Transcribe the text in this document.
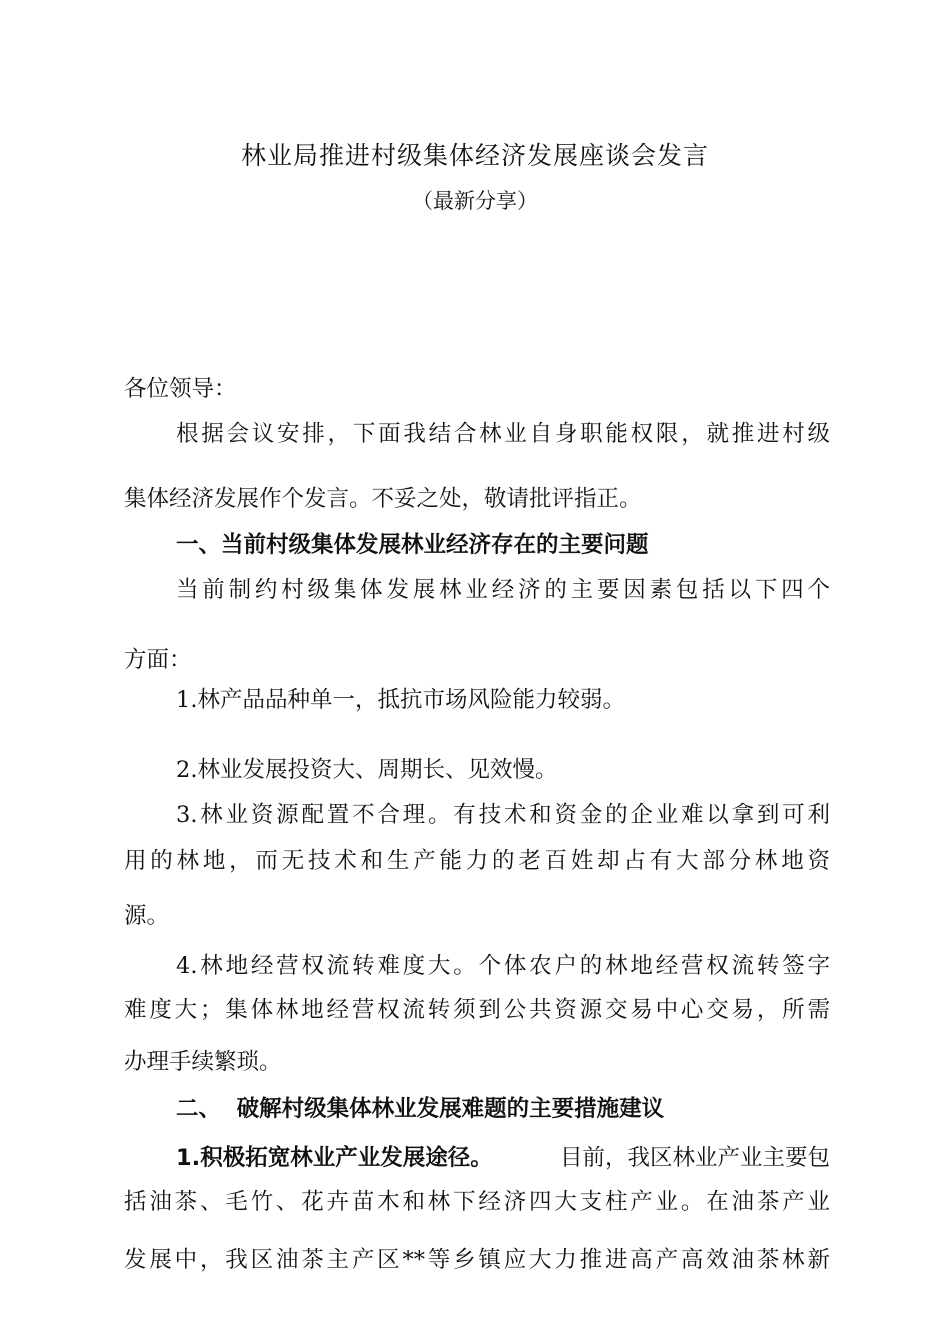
林业局推进村级集体经济发展座谈会发言
（最新分享）
各位领导：
根据会议安排，下面我结合林业自身职能权限，就推进村级
集体经济发展作个发言。不妥之处，敬请批评指正。
一、当前村级集体发展林业经济存在的主要问题
当前制约村级集体发展林业经济的主要因素包括以下四个
方面：
1.林产品品种单一，抵抗市场风险能力较弱。
2.林业发展投资大、周期长、见效慢。
3.林业资源配置不合理。有技术和资金的企业难以拿到可利
用的林地，而无技术和生产能力的老百姓却占有大部分林地资
源。
4.林地经营权流转难度大。个体农户的林地经营权流转签字
难度大；集体林地经营权流转须到公共资源交易中心交易，所需
办理手续繁琐。
二、  破解村级集体林业发展难题的主要措施建议
1.积极拓宽林业产业发展途径。	目前，我区林业产业主要包
括油茶、毛竹、花卉苗木和林下经济四大支柱产业。在油茶产业
发展中，我区油茶主产区**等乡镇应大力推进高产高效油茶林新
